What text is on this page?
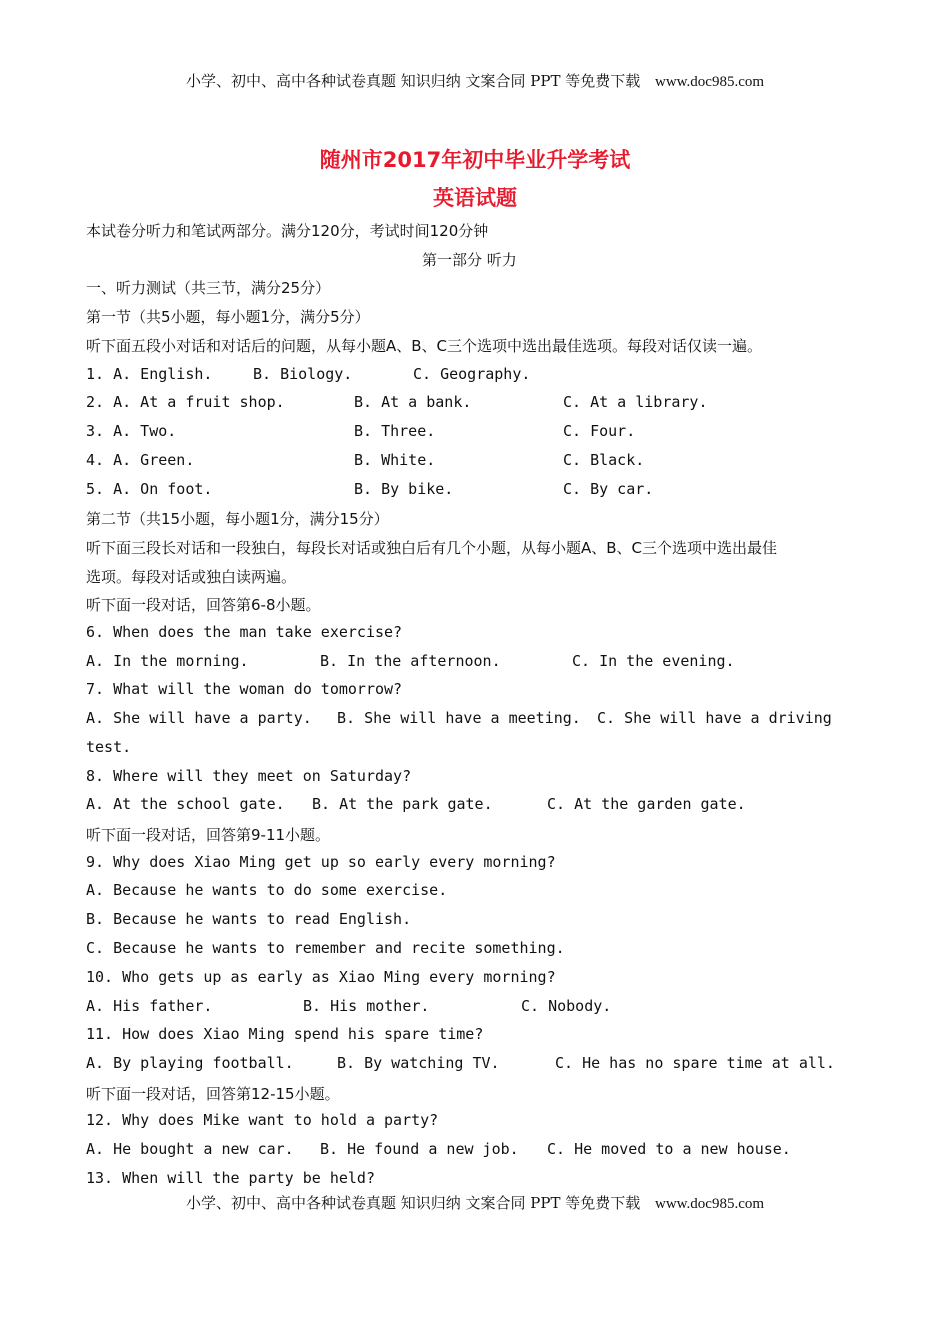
小学、初中、高中各种试卷真题 知识归纳 文案合同 PPT 等免费下载 www.doc985.com
随州市2017年初中毕业升学考试
英语试题
本试卷分听力和笔试两部分。满分120分，考试时间120分钟
第一部分 听力
一、听力测试（共三节，满分25分）
第一节（共5小题，每小题1分，满分5分）
听下面五段小对话和对话后的问题，从每小题A、B、C三个选项中选出最佳选项。每段对话仅读一遍。
1. A. English.	B. Biology.	C. Geography.
2. A. At a fruit shop.	B. At a bank.	C. At a library.
3. A. Two.	B. Three.	C. Four.
4. A. Green.	B. White.	C. Black.
5. A. On foot.	B. By bike.	C. By car.
第二节（共15小题，每小题1分，满分15分）
听下面三段长对话和一段独白，每段长对话或独白后有几个小题，从每小题A、B、C三个选项中选出最佳
选项。每段对话或独白读两遍。
听下面一段对话，回答第6-8小题。
6. When does the man take exercise?
A. In the morning.	B. In the afternoon.	C. In the evening.
7. What will the woman do tomorrow?
A. She will have a party. B. She will have a meeting. C. She will have a driving
test.
8. Where will they meet on Saturday?
A. At the school gate. B. At the park gate.	C. At the garden gate.
听下面一段对话，回答第9-11小题。
9. Why does Xiao Ming get up so early every morning?
A. Because he wants to do some exercise.
B. Because he wants to read English.
C. Because he wants to remember and recite something.
10. Who gets up as early as Xiao Ming every morning?
A. His father.	B. His mother.	C. Nobody.
11. How does Xiao Ming spend his spare time?
A. By playing football.	B. By watching TV.	C. He has no spare time at all.
听下面一段对话，回答第12-15小题。
12. Why does Mike want to hold a party?
A. He bought a new car. B. He found a new job. C. He moved to a new house.
13. When will the party be held?
小学、初中、高中各种试卷真题 知识归纳 文案合同 PPT 等免费下载 www.doc985.com
